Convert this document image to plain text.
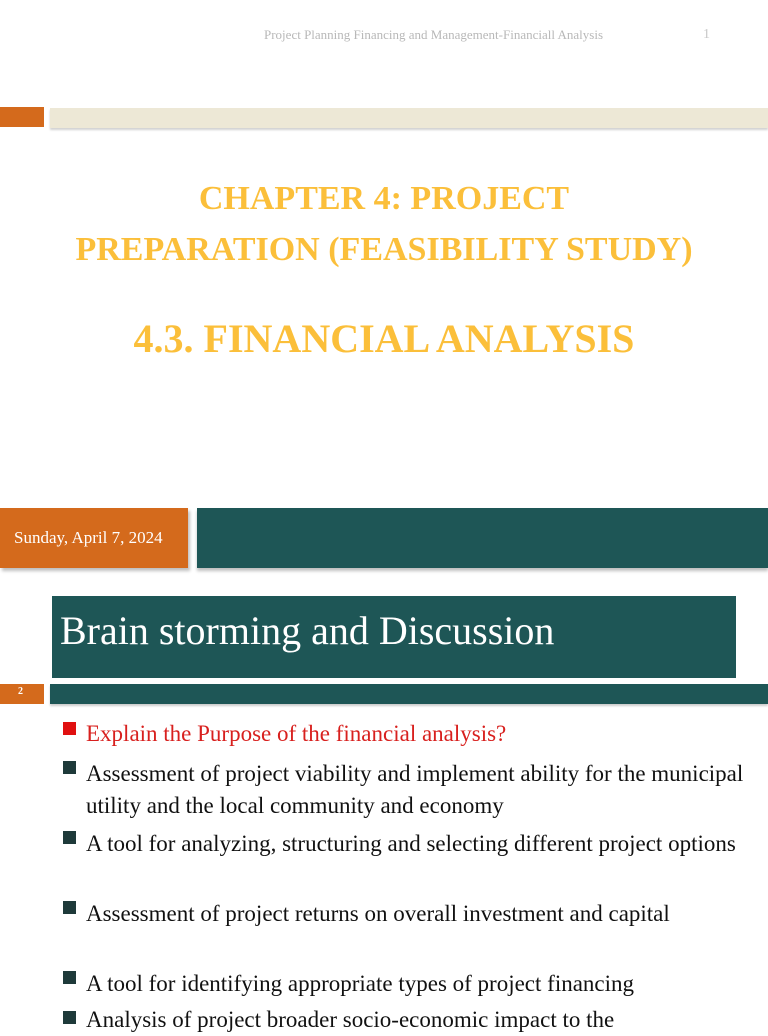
Project Planning Financing and Management-Financiall Analysis	1
CHAPTER 4: PROJECT
PREPARATION (FEASIBILITY STUDY)
4.3. FINANCIAL ANALYSIS
Sunday, April 7, 2024
Brain storming and Discussion
2
Explain the Purpose of the financial analysis?
Assessment of project viability and implement ability for the municipal utility and the local community and economy
A tool for analyzing, structuring and selecting different project options
Assessment of project returns on overall investment and capital
A tool for identifying appropriate types of project financing
Analysis of project broader socio-economic impact to the
